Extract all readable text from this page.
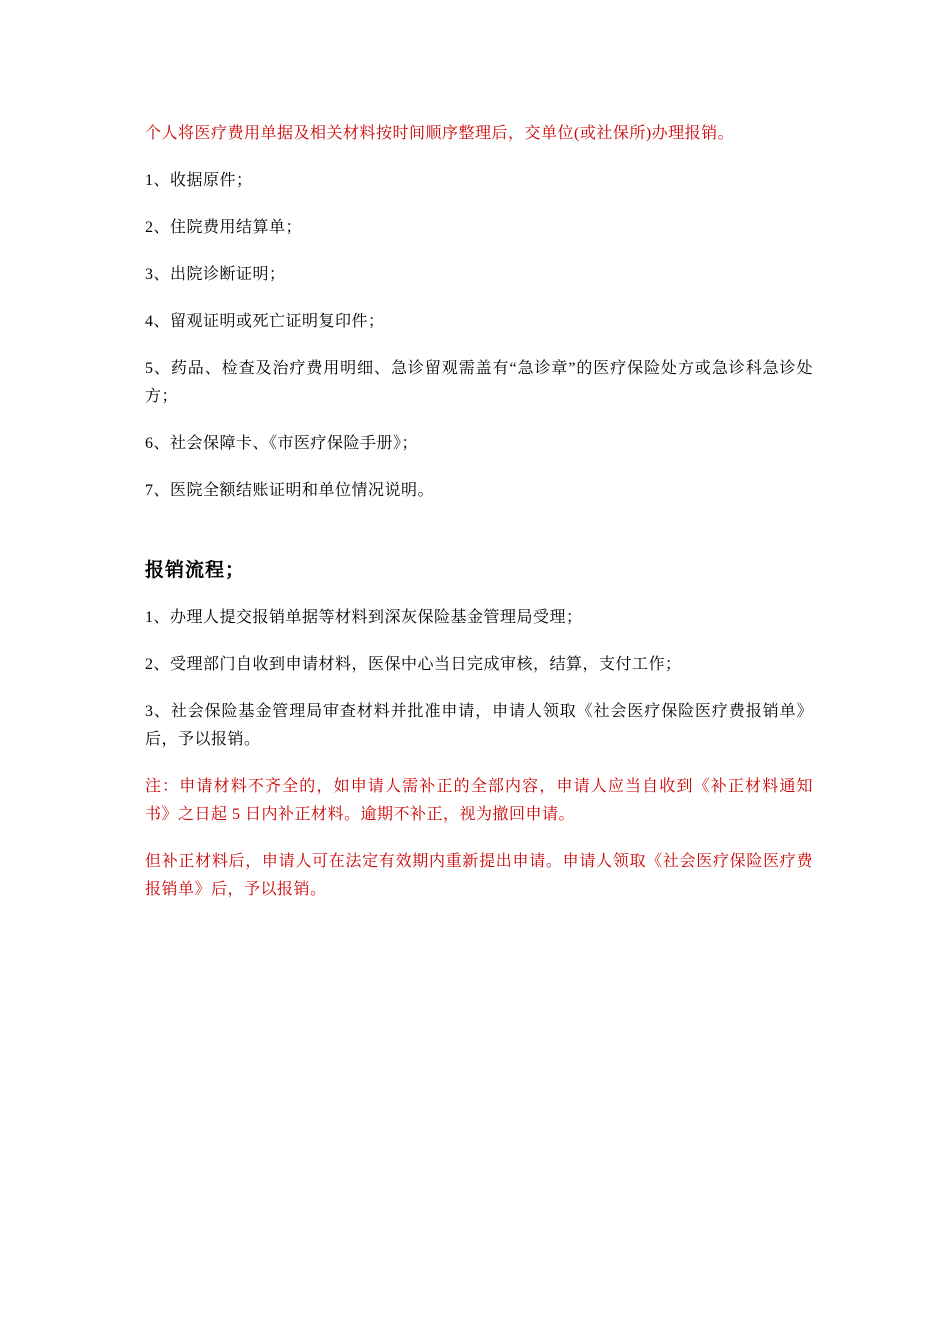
个人将医疗费用单据及相关材料按时间顺序整理后，交单位(或社保所)办理报销。

1、收据原件；

2、住院费用结算单；

3、出院诊断证明；

4、留观证明或死亡证明复印件；

5、药品、检查及治疗费用明细、急诊留观需盖有“急诊章”的医疗保险处方或急诊科急诊处方；

6、社会保障卡、《市医疗保险手册》；

7、医院全额结账证明和单位情况说明。

报销流程；

1、办理人提交报销单据等材料到深灰保险基金管理局受理；

2、受理部门自收到申请材料，医保中心当日完成审核，结算，支付工作；

3、社会保险基金管理局审查材料并批准申请，申请人领取《社会医疗保险医疗费报销单》后，予以报销。

注：申请材料不齐全的，如申请人需补正的全部内容，申请人应当自收到《补正材料通知书》之日起 5 日内补正材料。逾期不补正，视为撤回申请。

但补正材料后，申请人可在法定有效期内重新提出申请。申请人领取《社会医疗保险医疗费报销单》后，予以报销。
